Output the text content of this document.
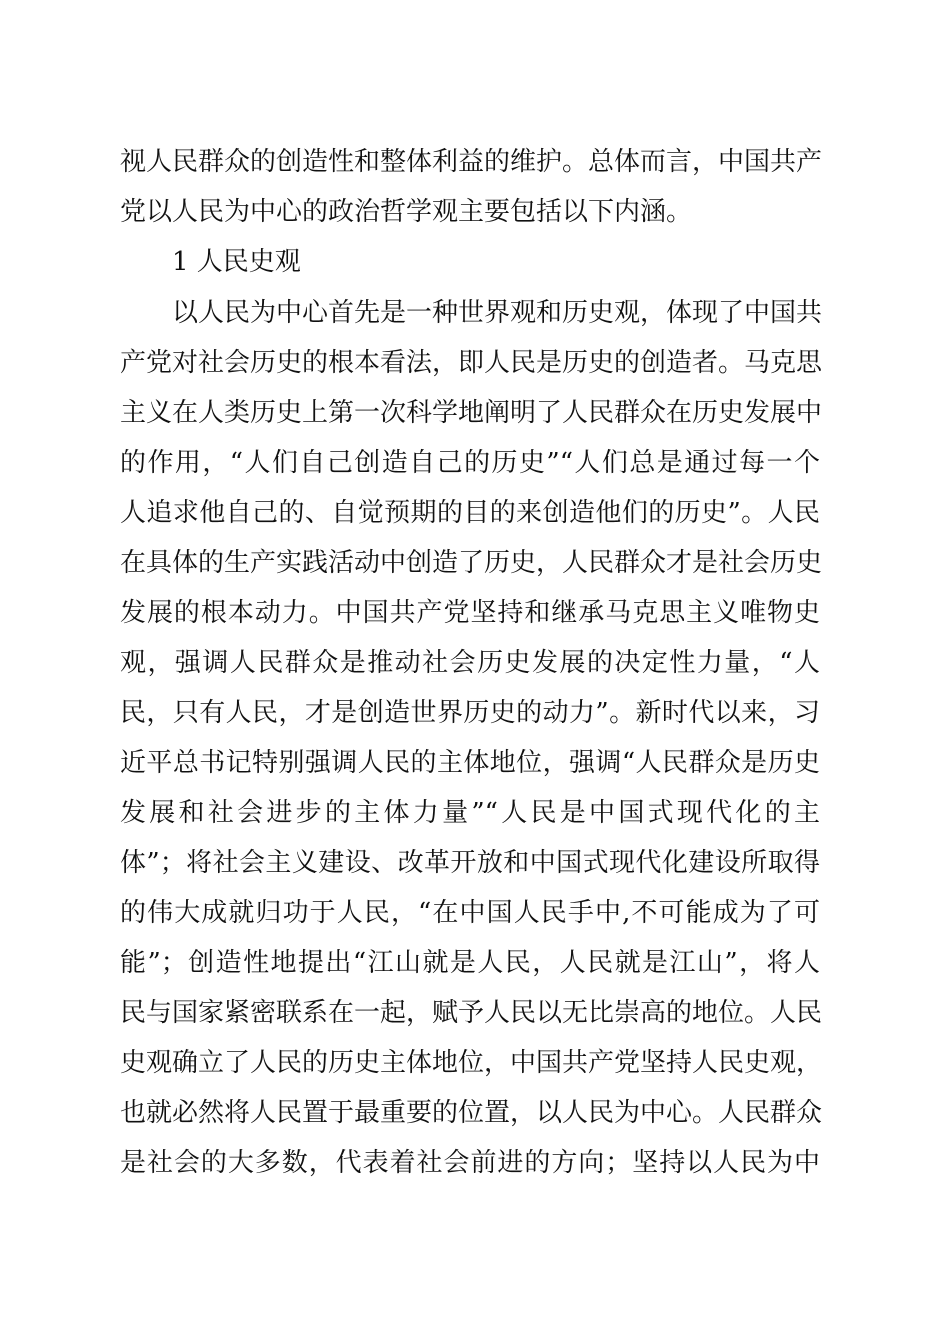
视人民群众的创造性和整体利益的维护。总体而言，中国共产
党以人民为中心的政治哲学观主要包括以下内涵。
1 人民史观
以人民为中心首先是一种世界观和历史观，体现了中国共
产党对社会历史的根本看法，即人民是历史的创造者。马克思
主义在人类历史上第一次科学地阐明了人民群众在历史发展中
的作用，“人们自己创造自己的历史”“人们总是通过每一个
人追求他自己的、自觉预期的目的来创造他们的历史”。人民
在具体的生产实践活动中创造了历史，人民群众才是社会历史
发展的根本动力。中国共产党坚持和继承马克思主义唯物史
观，强调人民群众是推动社会历史发展的决定性力量，“人
民，只有人民，才是创造世界历史的动力”。新时代以来，习
近平总书记特别强调人民的主体地位，强调“人民群众是历史
发展和社会进步的主体力量”“人民是中国式现代化的主
体”；将社会主义建设、改革开放和中国式现代化建设所取得
的伟大成就归功于人民，“在中国人民手中,不可能成为了可
能”；创造性地提出“江山就是人民，人民就是江山”，将人
民与国家紧密联系在一起，赋予人民以无比崇高的地位。人民
史观确立了人民的历史主体地位，中国共产党坚持人民史观，
也就必然将人民置于最重要的位置，以人民为中心。人民群众
是社会的大多数，代表着社会前进的方向；坚持以人民为中
